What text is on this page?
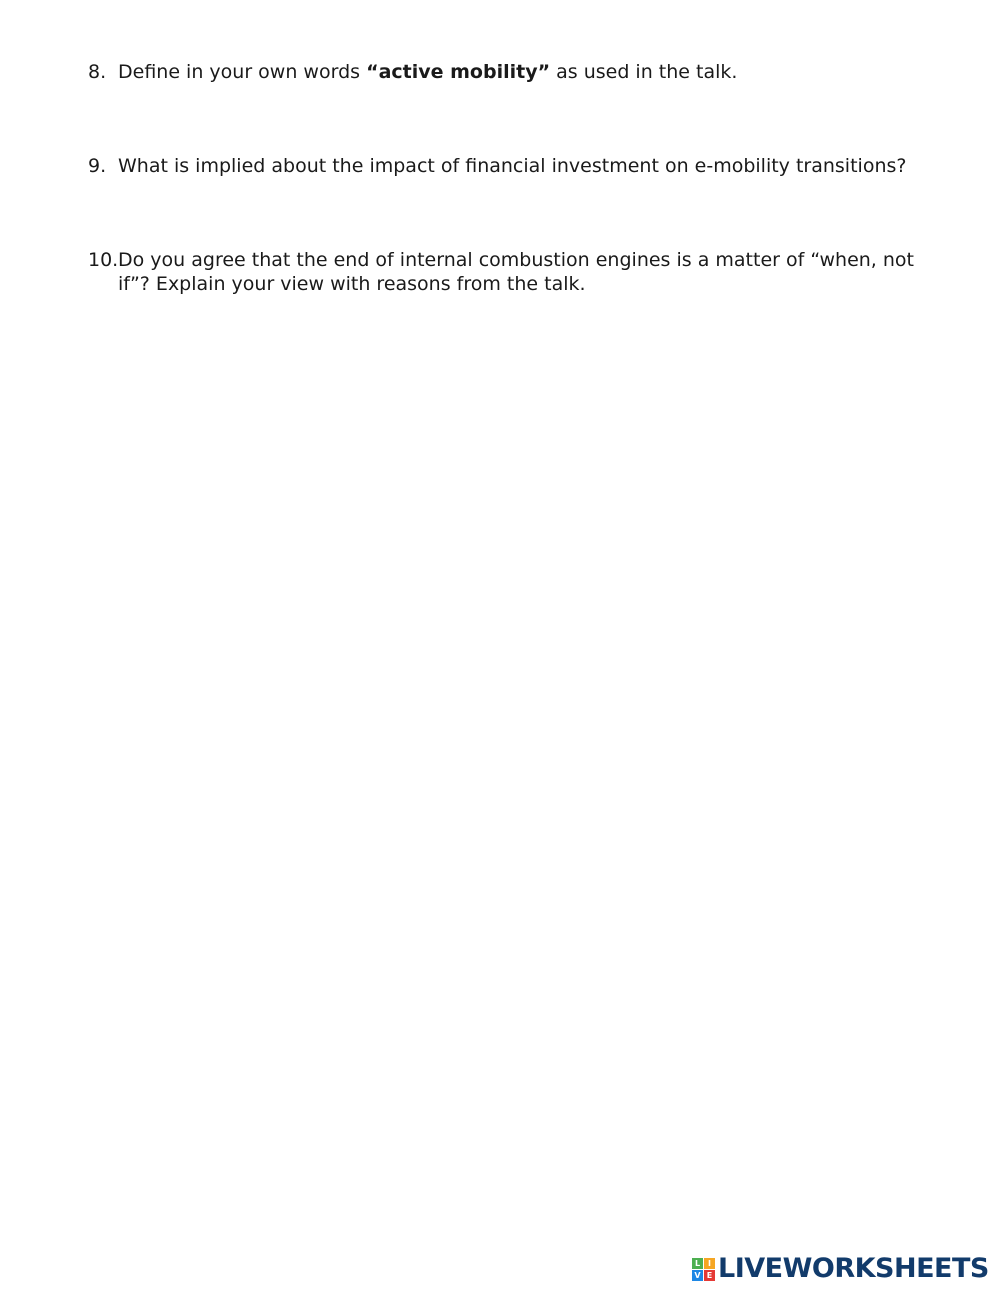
8. Define in your own words “active mobility” as used in the talk.
9. What is implied about the impact of financial investment on e-mobility transitions?
10. Do you agree that the end of internal combustion engines is a matter of “when, not if”? Explain your view with reasons from the talk.
L I
V E LIVEWORKSHEETS
